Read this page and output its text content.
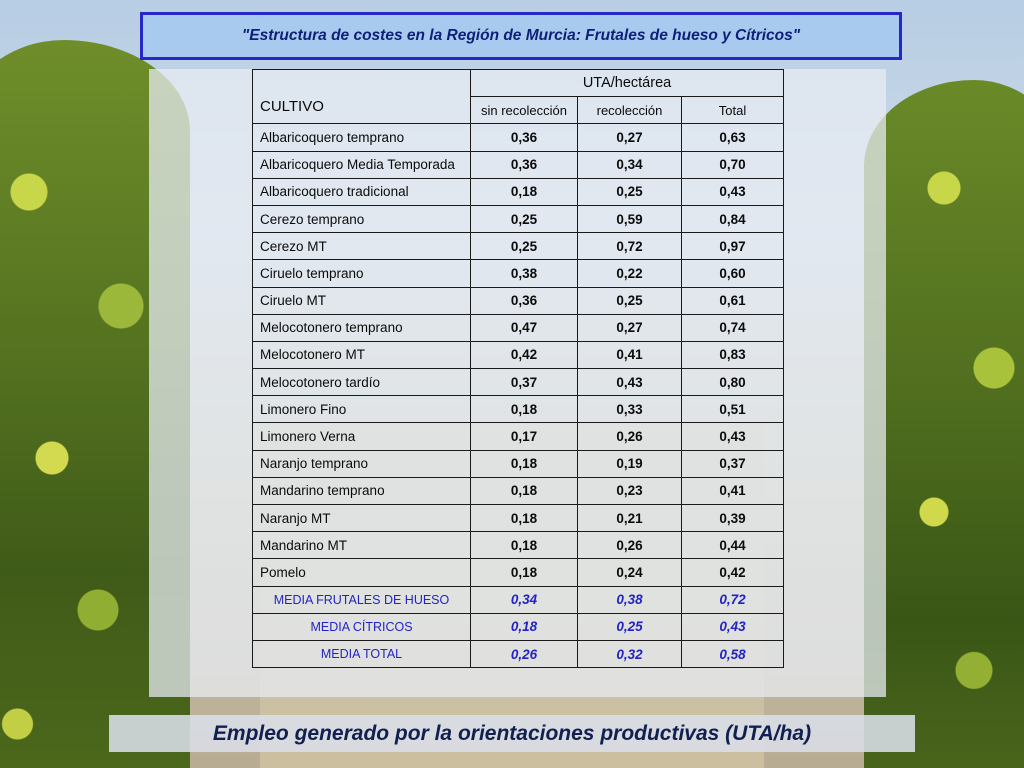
"Estructura de costes en la Región de Murcia: Frutales de hueso y Cítricos"
CULTIVO	UTA/hectárea		
	sin recolección	recolección	Total
Albaricoquero temprano	0,36	0,27	0,63
Albaricoquero Media Temporada	0,36	0,34	0,70
Albaricoquero tradicional	0,18	0,25	0,43
Cerezo temprano	0,25	0,59	0,84
Cerezo MT	0,25	0,72	0,97
Ciruelo temprano	0,38	0,22	0,60
Ciruelo MT	0,36	0,25	0,61
Melocotonero temprano	0,47	0,27	0,74
Melocotonero MT	0,42	0,41	0,83
Melocotonero tardío	0,37	0,43	0,80
Limonero Fino	0,18	0,33	0,51
Limonero Verna	0,17	0,26	0,43
Naranjo temprano	0,18	0,19	0,37
Mandarino temprano	0,18	0,23	0,41
Naranjo MT	0,18	0,21	0,39
Mandarino MT	0,18	0,26	0,44
Pomelo	0,18	0,24	0,42
MEDIA FRUTALES DE HUESO	0,34	0,38	0,72
MEDIA CÍTRICOS	0,18	0,25	0,43
MEDIA TOTAL	0,26	0,32	0,58
Empleo generado por la orientaciones productivas (UTA/ha)
